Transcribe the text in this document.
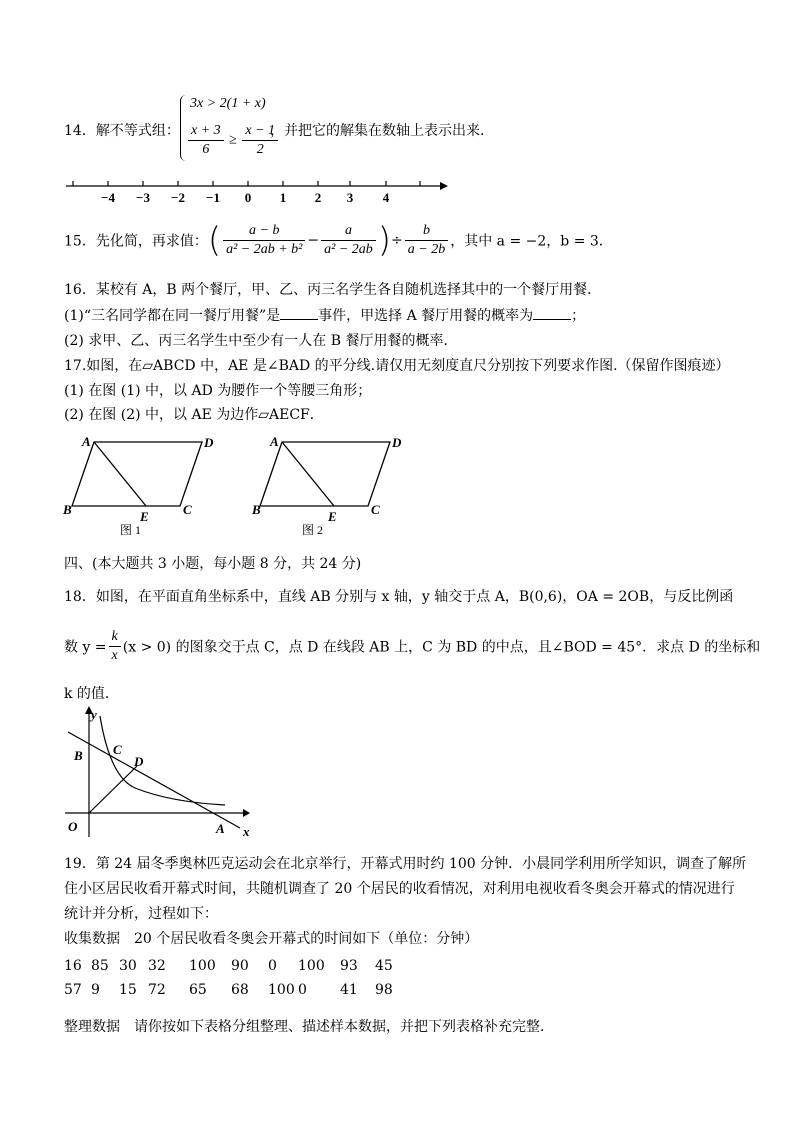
14．解不等式组：
3x > 2(1 + x)
$\frac{x + 3}{6} \ge \frac{x - 1}{2}$
，并把它的解集在数轴上表示出来．
−4 −3 −2 −1 0 1 2 3 4
15．先化简，再求值：( $\frac{a - b}{\text{a² − 2ab + b²}} - \frac{a}{\text{a² − 2ab}}$ )÷ $\frac{b}{a - 2b}$ ，其中 a = −2，b = 3．
16．某校有 A，B 两个餐厅，甲、乙、丙三名学生各自随机选择其中的一个餐厅用餐．
(1)“三名同学都在同一餐厅用餐”是	事件，甲选择 A 餐厅用餐的概率为	；
(2) 求甲、乙、丙三名学生中至少有一人在 B 餐厅用餐的概率．
17.如图，在▱ABCD 中，AE 是∠BAD 的平分线.请仅用无刻度直尺分别按下列要求作图.（保留作图痕迹）
(1) 在图 (1) 中，以 AD 为腰作一个等腰三角形；
(2) 在图 (2) 中，以 AE 为边作▱AECF．
A	D
B	C
E
图 1
A	D
B	C
E
图 2
四、(本大题共 3 小题，每小题 8 分，共 24 分)
18．如图，在平面直角坐标系中，直线 AB 分别与 x 轴，y 轴交于点 A，B(0,6)，OA = 2OB，与反比例函
数 $y = \frac{k}{x} (x > 0)$ 的图象交于点 C，点 D 在线段 AB 上，C 为 BD 的中点，且∠BOD = 45°．求点 D 的坐标和
k 的值．
y
x
O	A
B C
D
19．第 24 届冬季奥林匹克运动会在北京举行，开幕式用时约 100 分钟．小晨同学利用所学知识，调查了解所
住小区居民收看开幕式时间，共随机调查了 20 个居民的收看情况，对利用电视收看冬奥会开幕式的情况进行
统计并分析，过程如下：
收集数据　20 个居民收看冬奥会开幕式的时间如下（单位：分钟）
16 85 30 32	100	90	0	100	93	45
57 9	15 72	65	68	100 0	41	98
整理数据　请你按如下表格分组整理、描述样本数据，并把下列表格补充完整．
